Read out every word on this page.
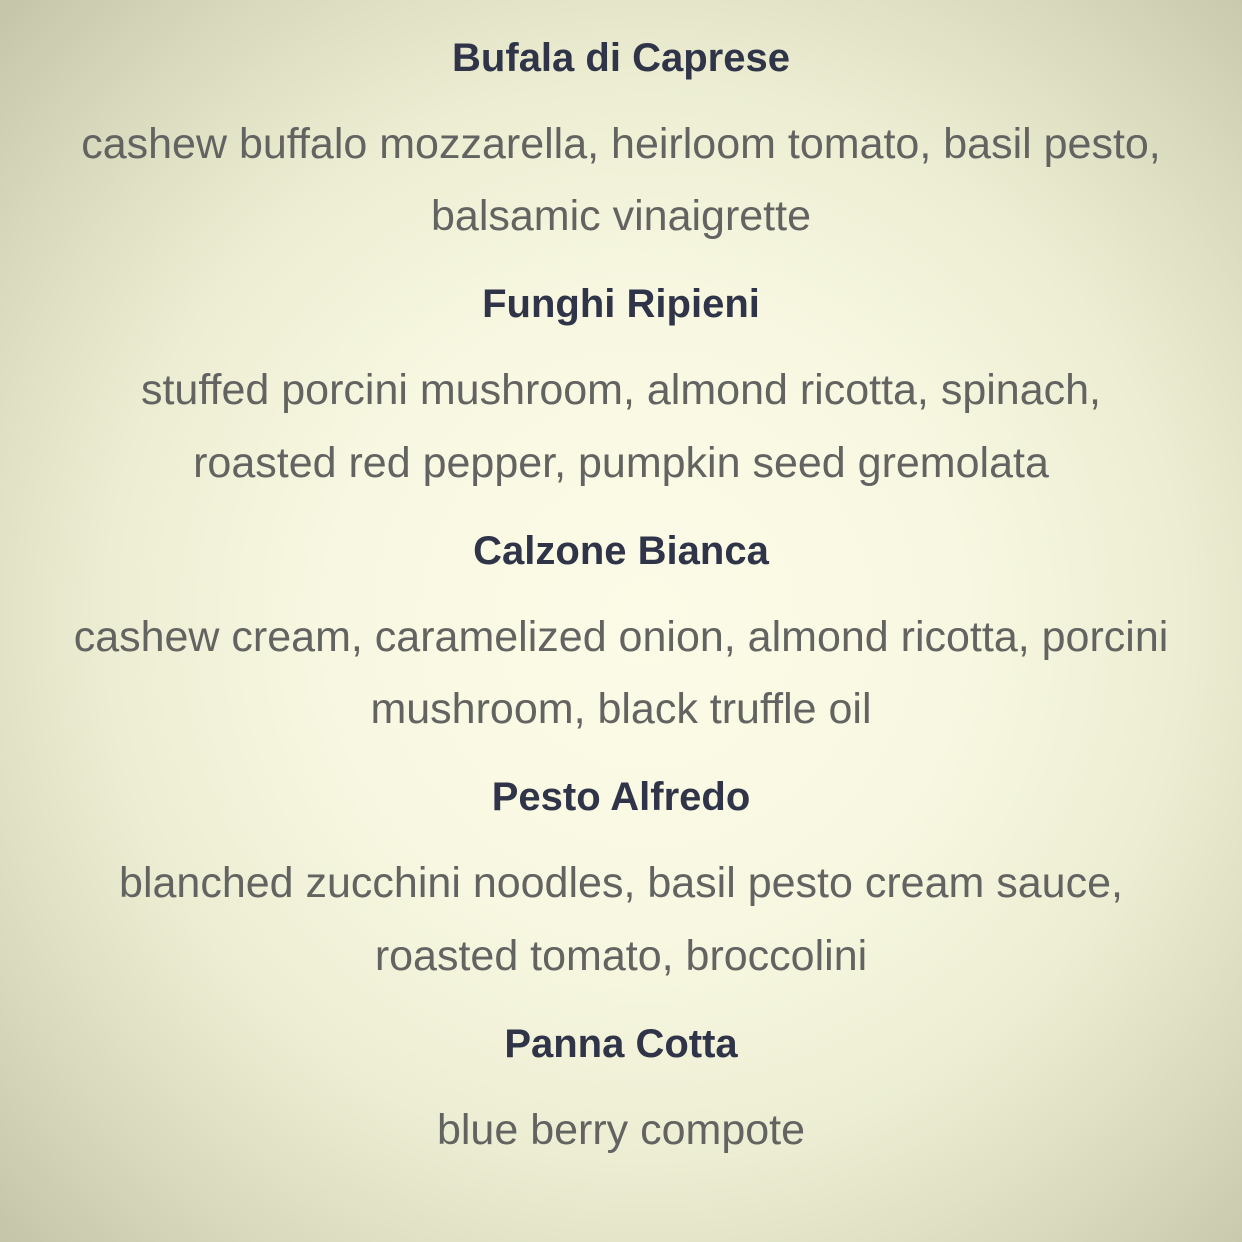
Bufala di Caprese

cashew buffalo mozzarella, heirloom tomato, basil pesto, balsamic vinaigrette

Funghi Ripieni

stuffed porcini mushroom, almond ricotta, spinach, roasted red pepper, pumpkin seed gremolata

Calzone Bianca

cashew cream, caramelized onion, almond ricotta, porcini mushroom, black truffle oil

Pesto Alfredo

blanched zucchini noodles, basil pesto cream sauce, roasted tomato, broccolini

Panna Cotta

blue berry compote
